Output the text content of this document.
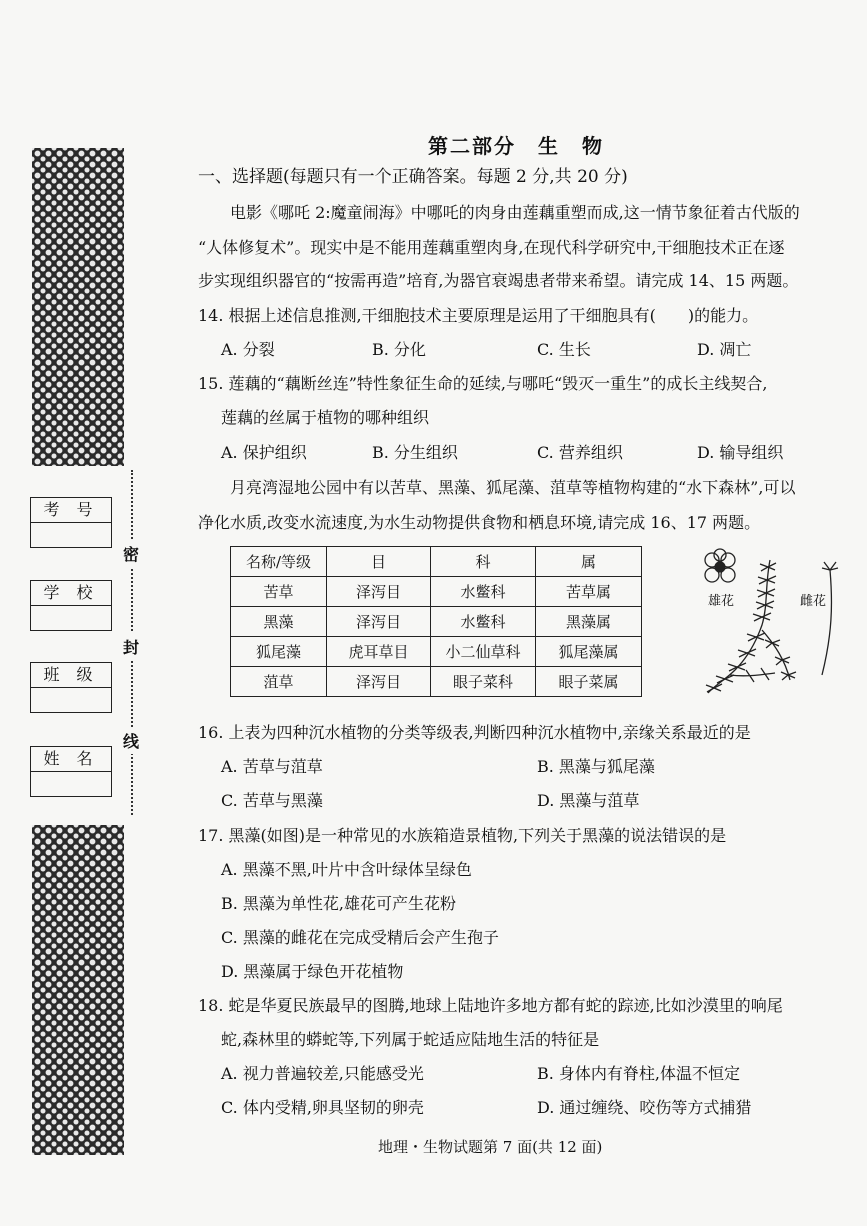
密
封
线
考 号
学 校
班 级
姓 名
第二部分 生 物
一、选择题(每题只有一个正确答案。每题 2 分,共 20 分)
电影《哪吒 2:魔童闹海》中哪吒的肉身由莲藕重塑而成,这一情节象征着古代版的
“人体修复术”。现实中是不能用莲藕重塑肉身,在现代科学研究中,干细胞技术正在逐
步实现组织器官的“按需再造”培育,为器官衰竭患者带来希望。请完成 14、15 两题。
14. 根据上述信息推测,干细胞技术主要原理是运用了干细胞具有(　　)的能力。
A. 分裂	B. 分化	C. 生长	D. 凋亡
15. 莲藕的“藕断丝连”特性象征生命的延续,与哪吒“毁灭一重生”的成长主线契合,
莲藕的丝属于植物的哪种组织
A. 保护组织	B. 分生组织	C. 营养组织	D. 输导组织
月亮湾湿地公园中有以苦草、黑藻、狐尾藻、菹草等植物构建的“水下森林”,可以
净化水质,改变水流速度,为水生动物提供食物和栖息环境,请完成 16、17 两题。
名称/等级	目	科	属
苦草	泽泻目	水鳖科	苦草属
黑藻	泽泻目	水鳖科	黑藻属
狐尾藻	虎耳草目	小二仙草科	狐尾藻属
菹草	泽泻目	眼子菜科	眼子菜属
雄花	雌花
16. 上表为四种沉水植物的分类等级表,判断四种沉水植物中,亲缘关系最近的是
A. 苦草与菹草	B. 黑藻与狐尾藻
C. 苦草与黑藻	D. 黑藻与菹草
17. 黑藻(如图)是一种常见的水族箱造景植物,下列关于黑藻的说法错误的是
A. 黑藻不黑,叶片中含叶绿体呈绿色
B. 黑藻为单性花,雄花可产生花粉
C. 黑藻的雌花在完成受精后会产生孢子
D. 黑藻属于绿色开花植物
18. 蛇是华夏民族最早的图腾,地球上陆地许多地方都有蛇的踪迹,比如沙漠里的响尾
蛇,森林里的蟒蛇等,下列属于蛇适应陆地生活的特征是
A. 视力普遍较差,只能感受光	B. 身体内有脊柱,体温不恒定
C. 体内受精,卵具坚韧的卵壳	D. 通过缠绕、咬伤等方式捕猎
地理・生物试题第 7 面(共 12 面)
